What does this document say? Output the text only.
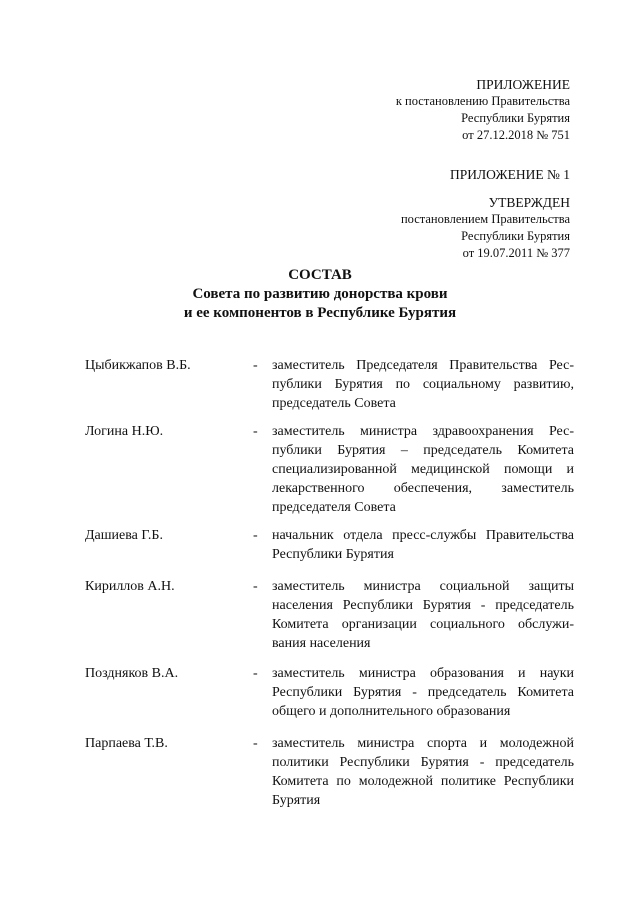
ПРИЛОЖЕНИЕ
к постановлению Правительства
Республики Бурятия
от 27.12.2018 № 751
ПРИЛОЖЕНИЕ № 1
УТВЕРЖДЕН
постановлением Правительства
Республики Бурятия
от 19.07.2011 № 377
СОСТАВ
Совета по развитию донорства крови
и ее компонентов в Республике Бурятия
Цыбикжапов В.Б.	- заместитель Председателя Правительства Республики Бурятия по социальному развитию, председатель Совета
Логина Н.Ю.	- заместитель министра здравоохранения Республики Бурятия – председатель Комитета специализированной медицинской помощи и лекарственного обеспечения, заместитель председателя Совета
Дашиева Г.Б.	- начальник отдела пресс-службы Правительства Республики Бурятия
Кириллов А.Н.	- заместитель министра социальной защиты населения Республики Бурятия - председатель Комитета организации социального обслуживания населения
Поздняков В.А.	- заместитель министра образования и науки Республики Бурятия - председатель Комитета общего и дополнительного образования
Парпаева Т.В.	- заместитель министра спорта и молодежной политики Республики Бурятия - председатель Комитета по молодежной политике Республики Бурятия
